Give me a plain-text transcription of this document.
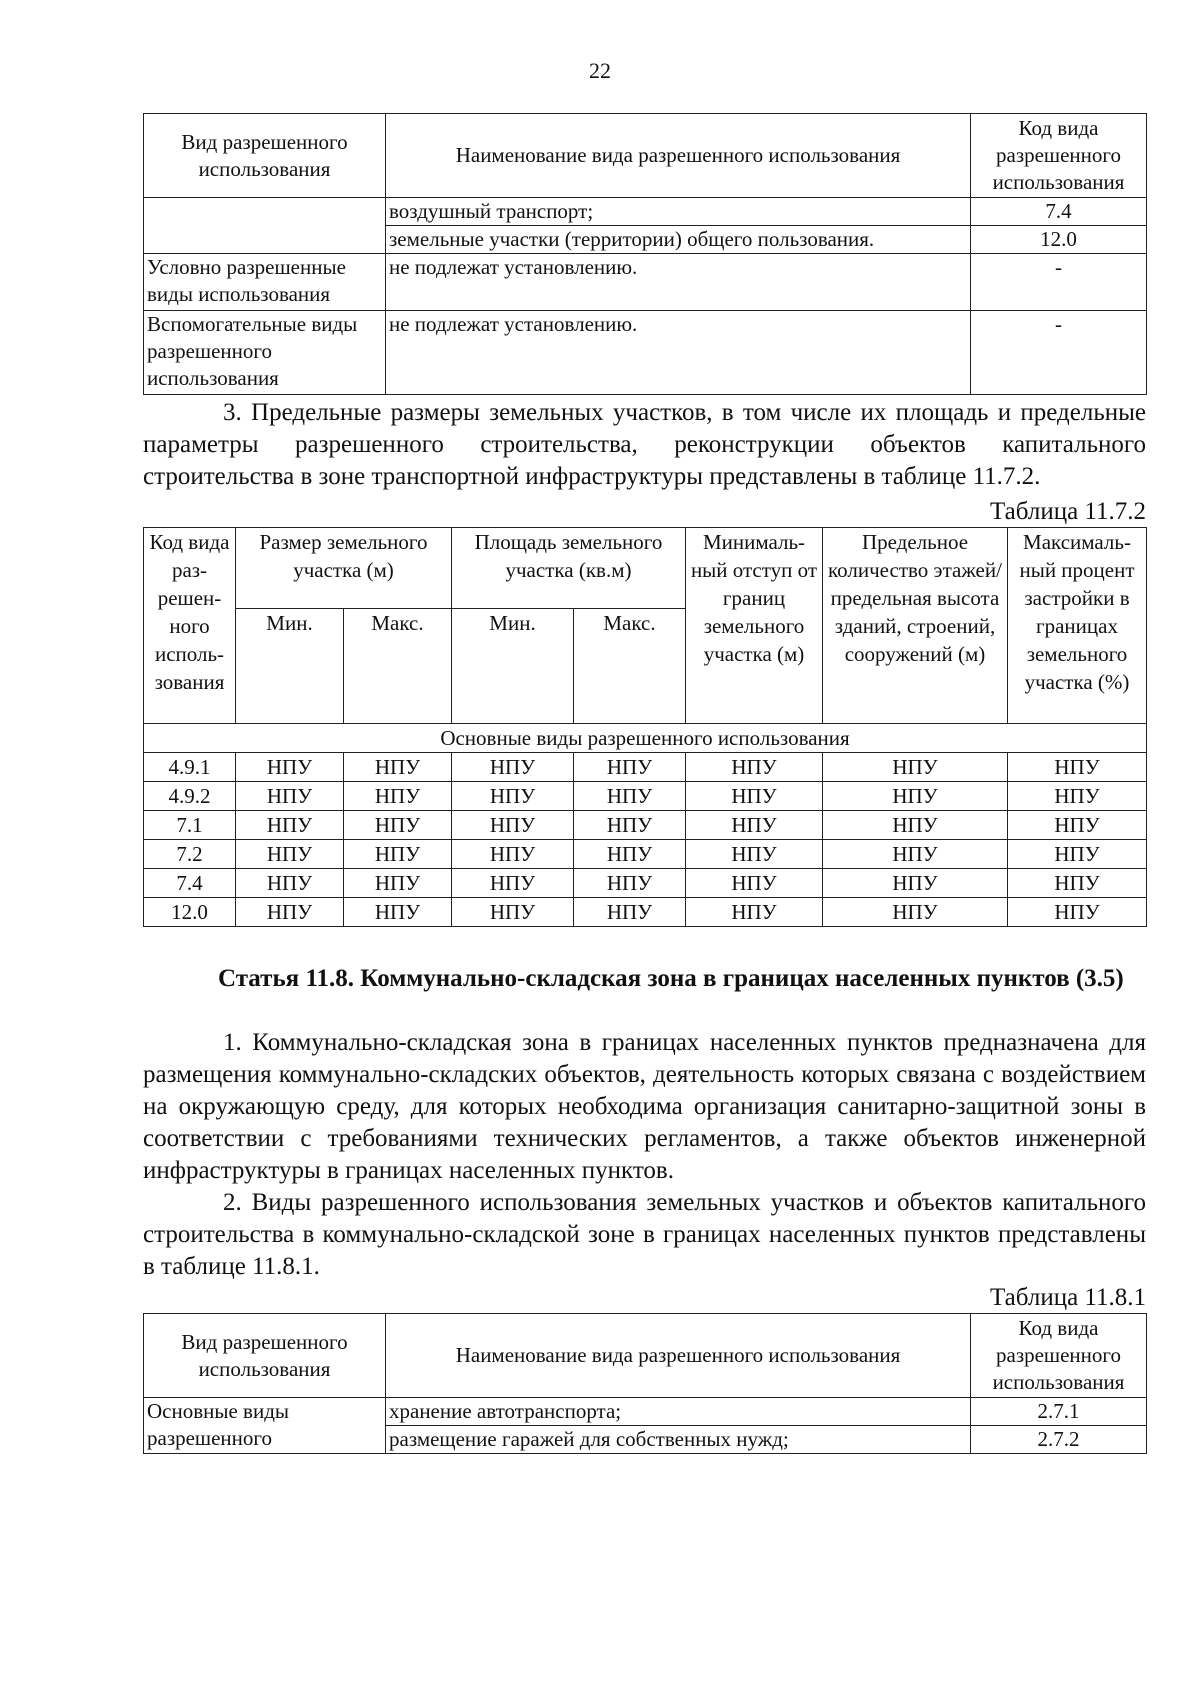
22
Вид разрешенного использования	Наименование вида разрешенного использования	Код вида разрешенного использования
	воздушный транспорт;	7.4
	земельные участки (территории) общего пользования.	12.0
Условно разрешенные виды использования	не подлежат установлению.	-
Вспомогательные виды разрешенного использования	не подлежат установлению.	-

3. Предельные размеры земельных участков, в том числе их площадь и предельные параметры разрешенного строительства, реконструкции объектов капитального строительства в зоне транспортной инфраструктуры представлены в таблице 11.7.2.

Таблица 11.7.2

Код вида раз-решен-ного исполь-зования	Размер земельного участка (м)		Площадь земельного участка (кв.м)		Минималь-ный отступ от границ земельного участка (м)	Предельное количество этажей/ предельная высота зданий, строений, сооружений (м)	Максималь-ный процент застройки в границах земельного участка (%)
	Мин.	Макс.	Мин.	Макс.			
Основные виды разрешенного использования							
4.9.1	НПУ	НПУ	НПУ	НПУ	НПУ	НПУ	НПУ
4.9.2	НПУ	НПУ	НПУ	НПУ	НПУ	НПУ	НПУ
7.1	НПУ	НПУ	НПУ	НПУ	НПУ	НПУ	НПУ
7.2	НПУ	НПУ	НПУ	НПУ	НПУ	НПУ	НПУ
7.4	НПУ	НПУ	НПУ	НПУ	НПУ	НПУ	НПУ
12.0	НПУ	НПУ	НПУ	НПУ	НПУ	НПУ	НПУ

Статья 11.8. Коммунально-складская зона в границах населенных пунктов (3.5)

1. Коммунально-складская зона в границах населенных пунктов предназначена для размещения коммунально-складских объектов, деятельность которых связана с воздействием на окружающую среду, для которых необходима организация санитарно-защитной зоны в соответствии с требованиями технических регламентов, а также объектов инженерной инфраструктуры в границах населенных пунктов.

2. Виды разрешенного использования земельных участков и объектов капитального строительства в коммунально-складской зоне в границах населенных пунктов представлены в таблице 11.8.1.

Таблица 11.8.1

Вид разрешенного использования	Наименование вида разрешенного использования	Код вида разрешенного использования
Основные виды разрешенного	хранение автотранспорта;	2.7.1
	размещение гаражей для собственных нужд;	2.7.2
